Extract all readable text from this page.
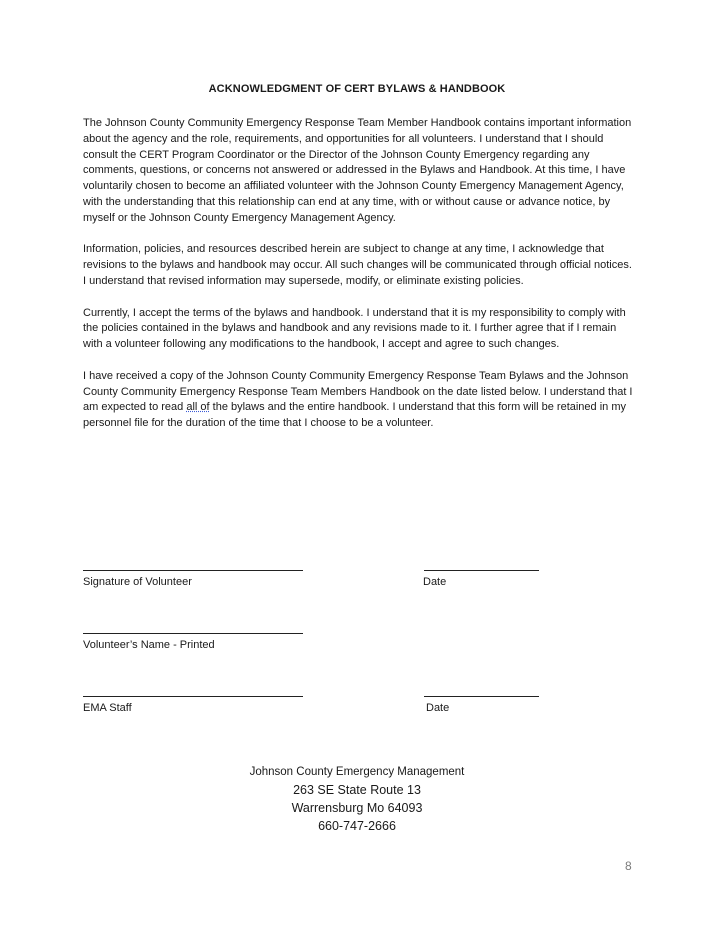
ACKNOWLEDGMENT OF CERT BYLAWS & HANDBOOK

The Johnson County Community Emergency Response Team Member Handbook contains important information about the agency and the role, requirements, and opportunities for all volunteers. I understand that I should consult the CERT Program Coordinator or the Director of the Johnson County Emergency regarding any comments, questions, or concerns not answered or addressed in the Bylaws and Handbook. At this time, I have voluntarily chosen to become an affiliated volunteer with the Johnson County Emergency Management Agency, with the understanding that this relationship can end at any time, with or without cause or advance notice, by myself or the Johnson County Emergency Management Agency.

Information, policies, and resources described herein are subject to change at any time, I acknowledge that revisions to the bylaws and handbook may occur. All such changes will be communicated through official notices. I understand that revised information may supersede, modify, or eliminate existing policies.

Currently, I accept the terms of the bylaws and handbook. I understand that it is my responsibility to comply with the policies contained in the bylaws and handbook and any revisions made to it. I further agree that if I remain with a volunteer following any modifications to the handbook, I accept and agree to such changes.

I have received a copy of the Johnson County Community Emergency Response Team Bylaws and the Johnson County Community Emergency Response Team Members Handbook on the date listed below. I understand that I am expected to read all of the bylaws and the entire handbook. I understand that this form will be retained in my personnel file for the duration of the time that I choose to be a volunteer.

Signature of Volunteer	Date
Volunteer’s Name - Printed
EMA Staff	Date
Johnson County Emergency Management
263 SE State Route 13
Warrensburg Mo 64093
660-747-2666
8
